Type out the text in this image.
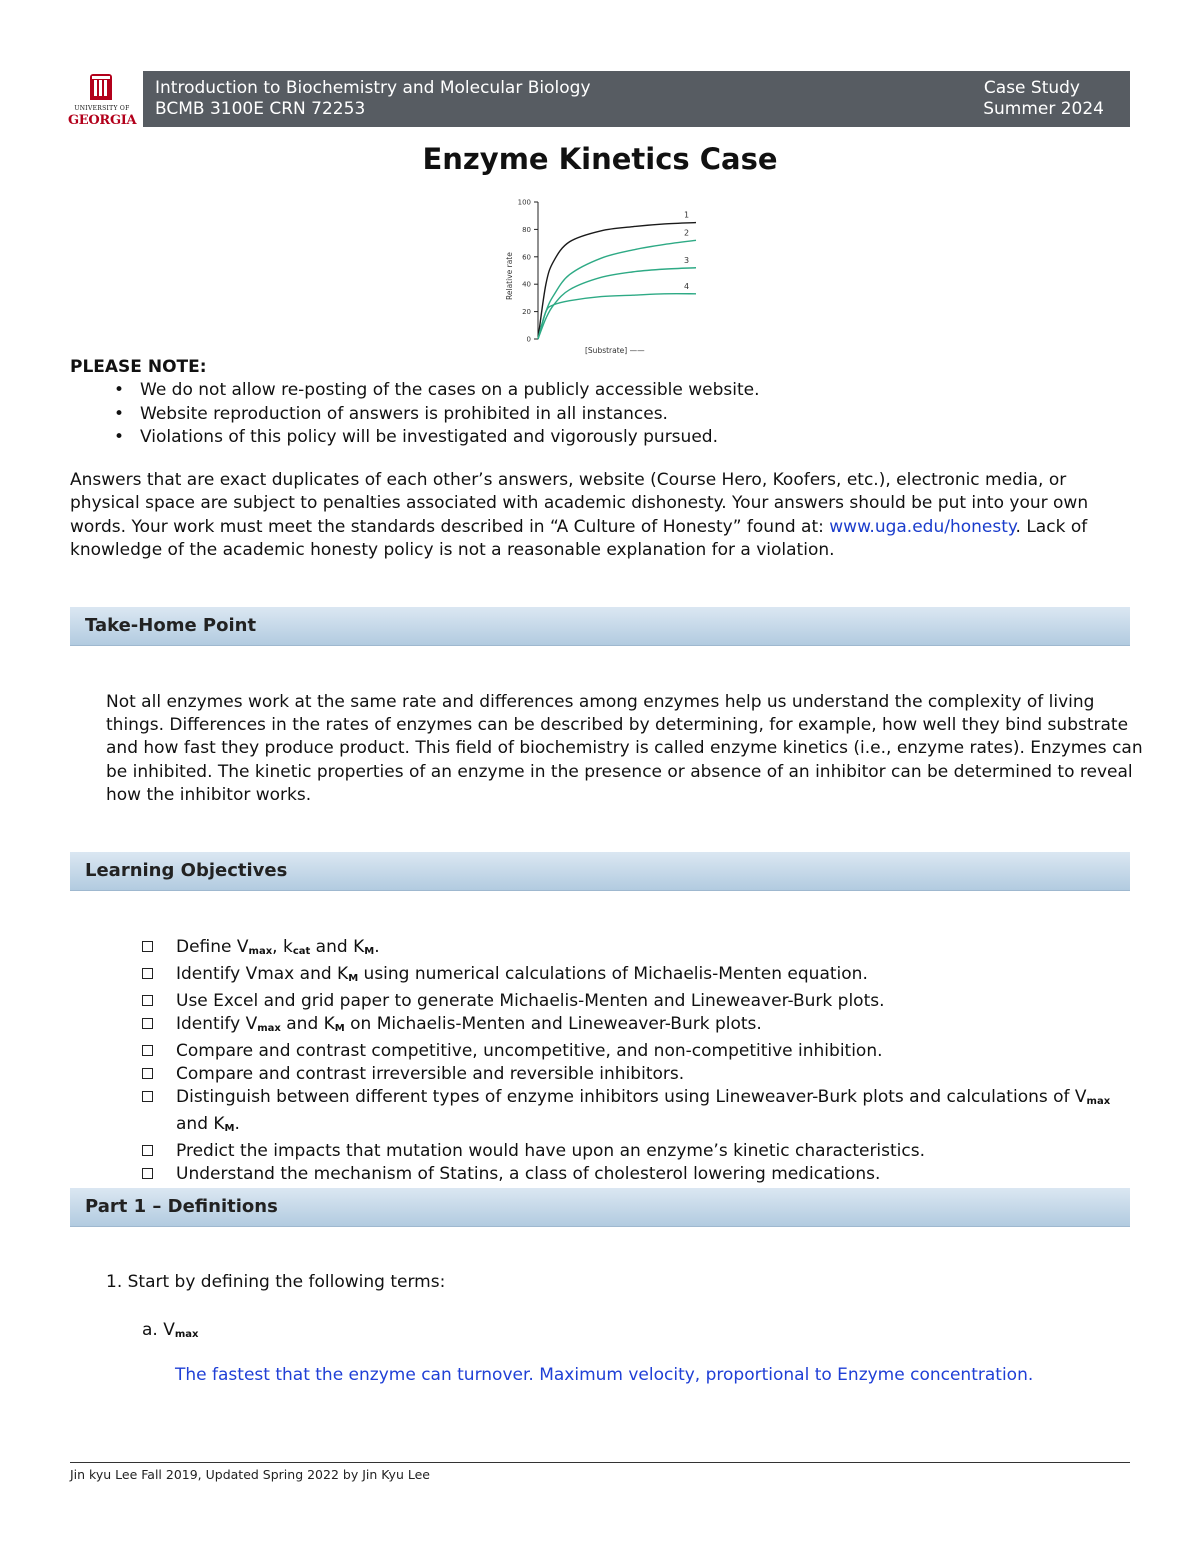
UNIVERSITY OF
GEORGIA
Introduction to Biochemistry and Molecular Biology
BCMB 3100E CRN 72253
Case Study
Summer 2024
Enzyme Kinetics Case
100
80
60
40
20
0
1
2
3
4
Relative rate
[Substrate] ——
PLEASE NOTE:
• We do not allow re-posting of the cases on a publicly accessible website.
• Website reproduction of answers is prohibited in all instances.
• Violations of this policy will be investigated and vigorously pursued.

Answers that are exact duplicates of each other’s answers, website (Course Hero, Koofers, etc.), electronic media, or physical space are subject to penalties associated with academic dishonesty. Your answers should be put into your own words. Your work must meet the standards described in “A Culture of Honesty” found at: www.uga.edu/honesty. Lack of knowledge of the academic honesty policy is not a reasonable explanation for a violation.

Take-Home Point

Not all enzymes work at the same rate and differences among enzymes help us understand the complexity of living things. Differences in the rates of enzymes can be described by determining, for example, how well they bind substrate and how fast they produce product. This field of biochemistry is called enzyme kinetics (i.e., enzyme rates). Enzymes can be inhibited. The kinetic properties of an enzyme in the presence or absence of an inhibitor can be determined to reveal how the inhibitor works.

Learning Objectives
Define $V_{max}$, $k_{cat}$ and $K_M$.
Identify Vmax and $K_M$ using numerical calculations of Michaelis-Menten equation.
Use Excel and grid paper to generate Michaelis-Menten and Lineweaver-Burk plots.
Identify $V_{max}$ and $K_M$ on Michaelis-Menten and Lineweaver-Burk plots.
Compare and contrast competitive, uncompetitive, and non-competitive inhibition.
Compare and contrast irreversible and reversible inhibitors.
Distinguish between different types of enzyme inhibitors using Lineweaver-Burk plots and calculations of $V_{max}$ and $K_M$.
Predict the impacts that mutation would have upon an enzyme’s kinetic characteristics.
Understand the mechanism of Statins, a class of cholesterol lowering medications.
Part 1 – Definitions
1. Start by defining the following terms:
a. $V_{max}$

The fastest that the enzyme can turnover. Maximum velocity, proportional to Enzyme concentration.

Jin kyu Lee Fall 2019, Updated Spring 2022 by Jin Kyu Lee
